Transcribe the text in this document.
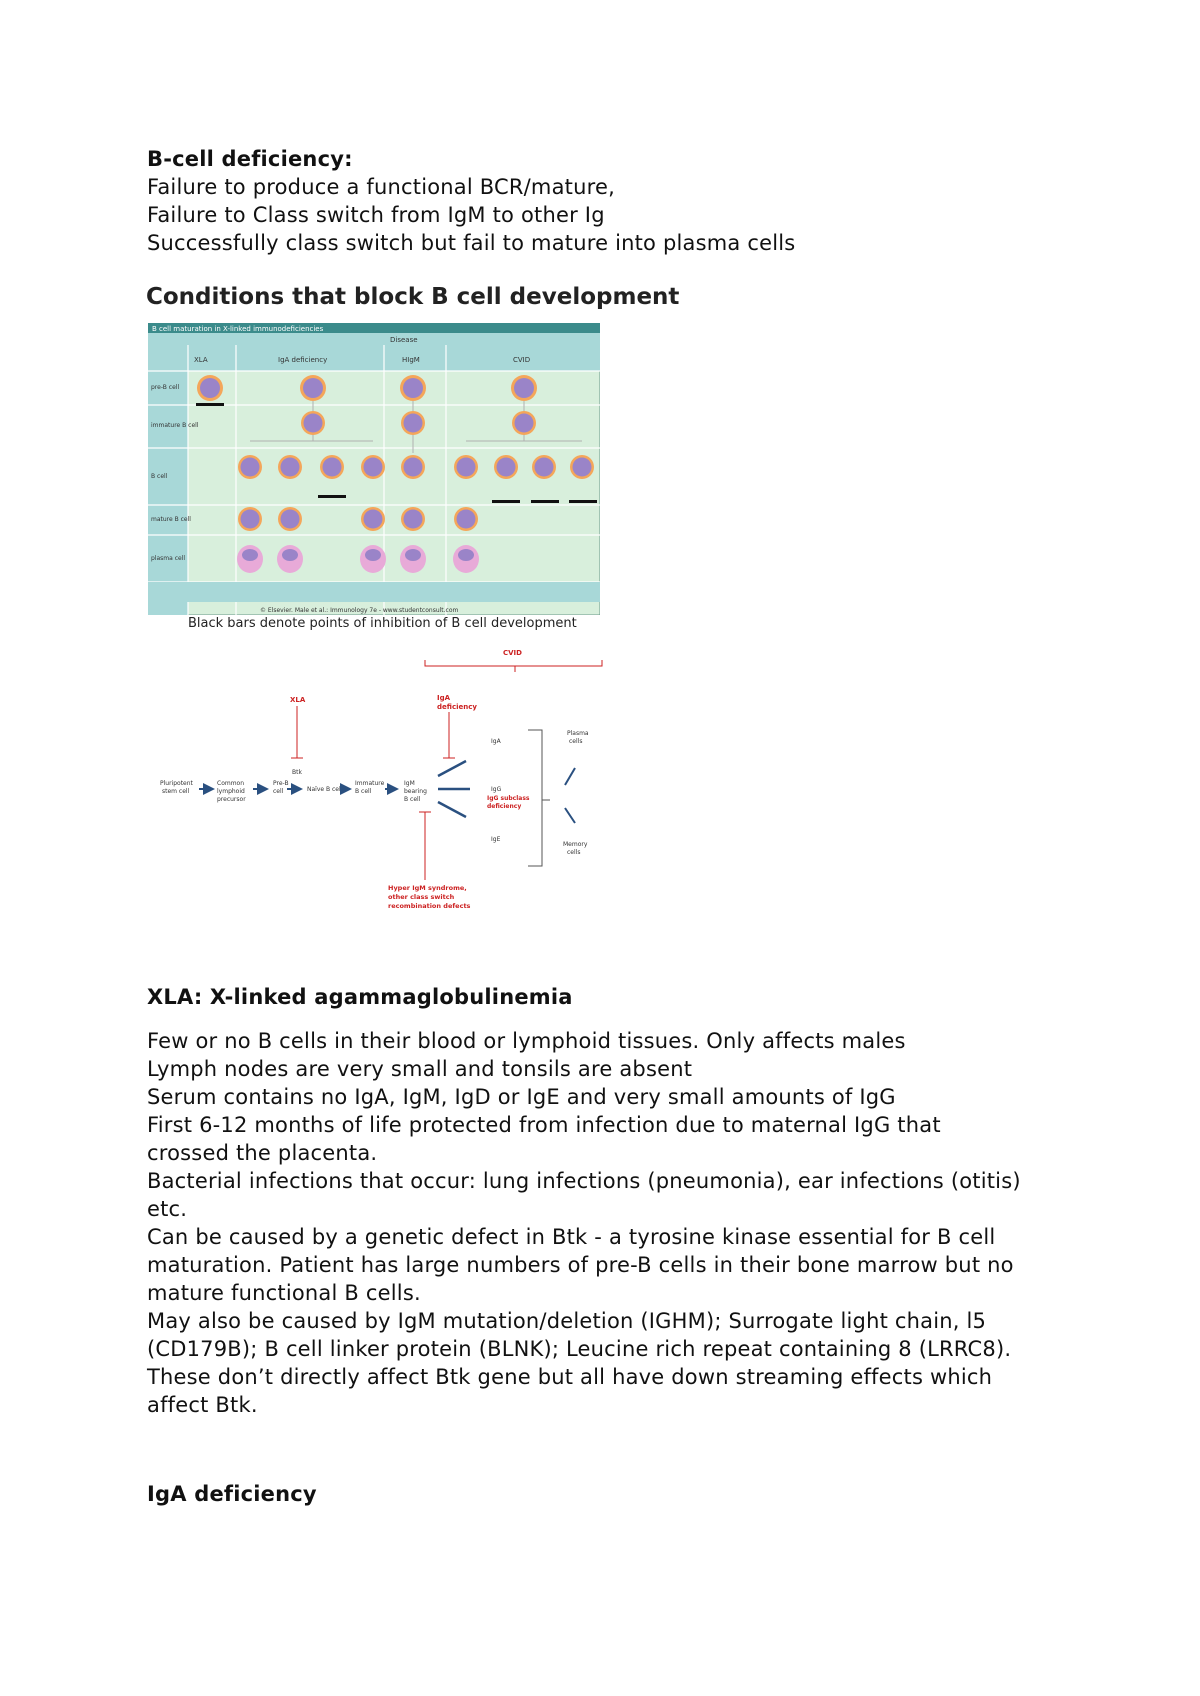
B-cell deficiency:

Failure to produce a functional BCR/mature,

Failure to Class switch from IgM to other Ig

Successfully class switch but fail to mature into plasma cells

Conditions that block B cell development
B cell maturation in X-linked immunodeficiencies
Disease
XLA	IgA deficiency	HIgM	CVID
pre-B cell
immature B cell
B cell
mature B cell
plasma cell
© Elsevier. Male et al.: Immunology 7e - www.studentconsult.com
Black bars denote points of inhibition of B cell development
CVID
XLA	IgA
deficiency
Pluripotent
stem cell
Common
lymphoid
precursor
Pre-B
cell	Naïve B cell
Immature
B cell
IgM
bearing
B cell
Btk
IgA
IgG
IgE
IgG subclass
deficiency
Plasma
cells
Memory
cells
Hyper IgM syndrome,
other class switch
recombination defects

XLA: X-linked agammaglobulinemia

Few or no B cells in their blood or lymphoid tissues. Only affects males

Lymph nodes are very small and tonsils are absent

Serum contains no IgA, IgM, IgD or IgE and very small amounts of IgG

First 6-12 months of life protected from infection due to maternal IgG that

crossed the placenta.

Bacterial infections that occur: lung infections (pneumonia), ear infections (otitis)

etc.

Can be caused by a genetic defect in Btk - a tyrosine kinase essential for B cell

maturation. Patient has large numbers of pre-B cells in their bone marrow but no

mature functional B cells.

May also be caused by IgM mutation/deletion (IGHM); Surrogate light chain, l5

(CD179B); B cell linker protein (BLNK); Leucine rich repeat containing 8 (LRRC8).

These don’t directly affect Btk gene but all have down streaming effects which

affect Btk.

IgA deficiency
